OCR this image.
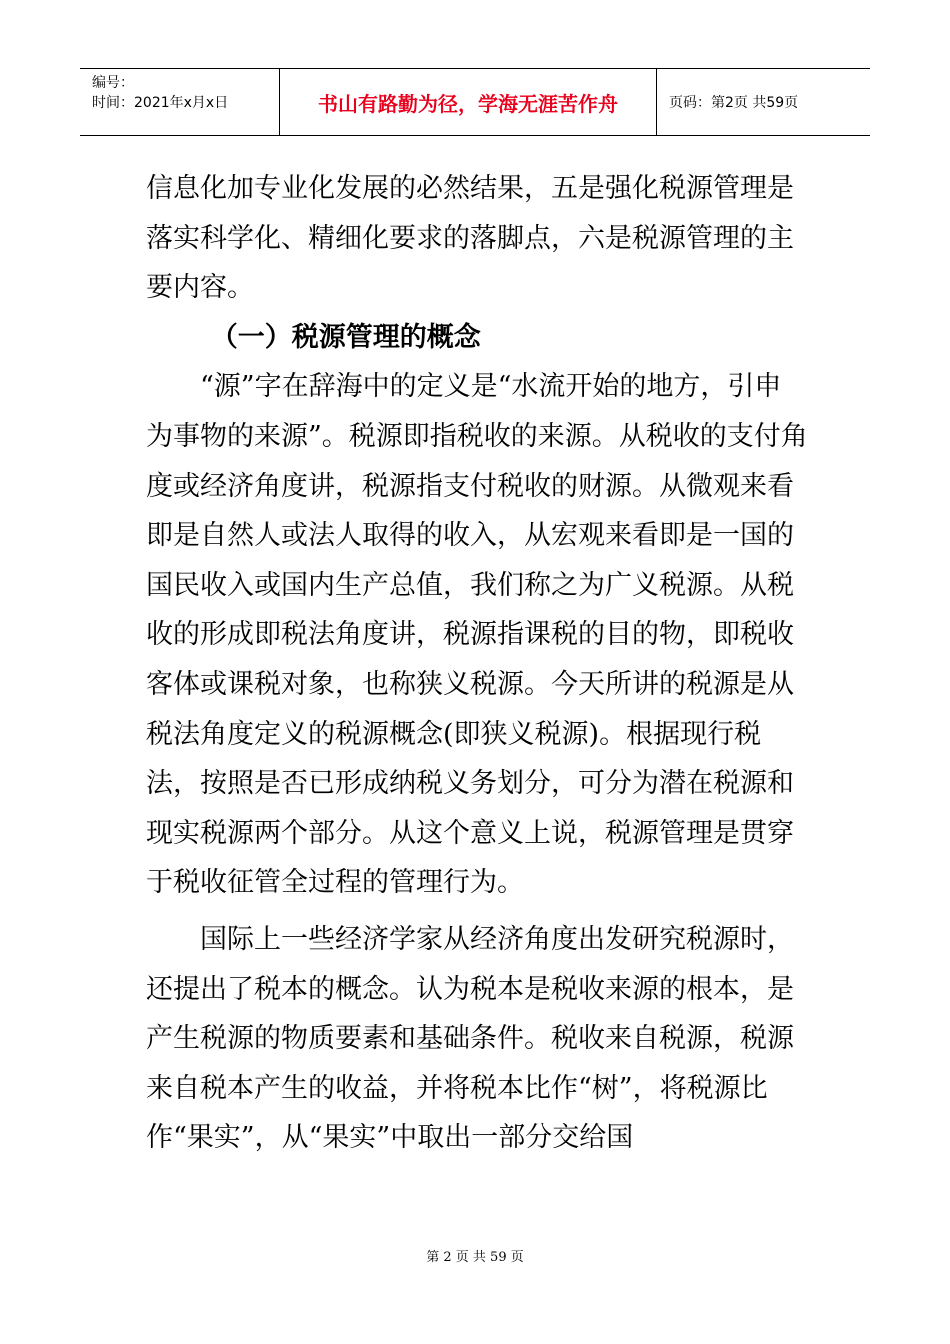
编号：
时间：2021年x月x日	书山有路勤为径，学海无涯苦作舟	页码：第2页 共59页

信息化加专业化发展的必然结果，五是强化税源管理是落实科学化、精细化要求的落脚点，六是税源管理的主要内容。

（一）税源管理的概念

“源”字在辞海中的定义是“水流开始的地方，引申为事物的来源”。税源即指税收的来源。从税收的支付角度或经济角度讲，税源指支付税收的财源。从微观来看即是自然人或法人取得的收入，从宏观来看即是一国的国民收入或国内生产总值，我们称之为广义税源。从税收的形成即税法角度讲，税源指课税的目的物，即税收客体或课税对象，也称狭义税源。今天所讲的税源是从税法角度定义的税源概念(即狭义税源)。根据现行税法，按照是否已形成纳税义务划分，可分为潜在税源和现实税源两个部分。从这个意义上说，税源管理是贯穿于税收征管全过程的管理行为。

国际上一些经济学家从经济角度出发研究税源时，还提出了税本的概念。认为税本是税收来源的根本，是产生税源的物质要素和基础条件。税收来自税源，税源来自税本产生的收益，并将税本比作“树”，将税源比作“果实”，从“果实”中取出一部分交给国

第 2 页 共 59 页
